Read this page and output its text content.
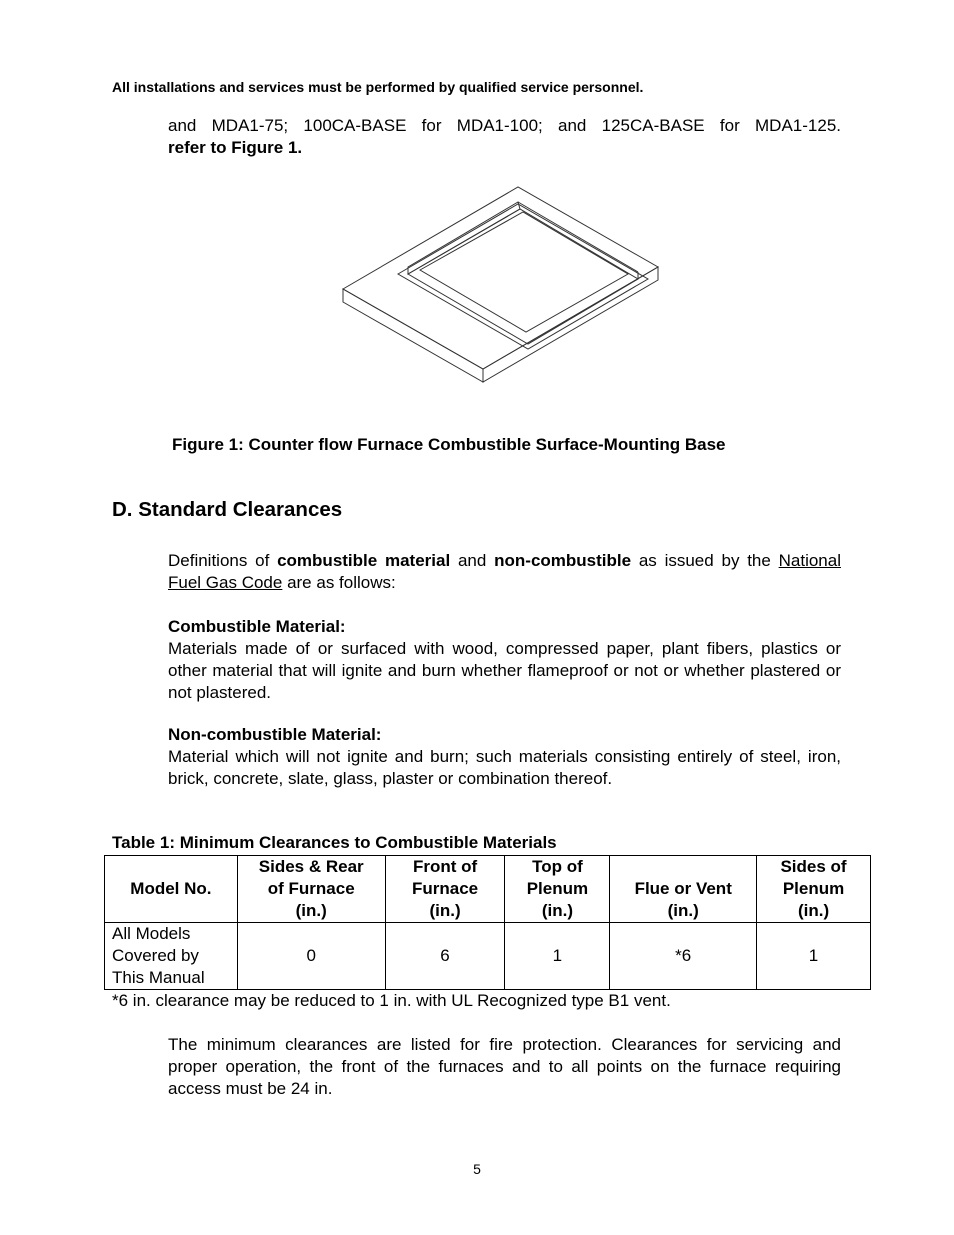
All installations and services must be performed by qualified service personnel.

and MDA1-75; 100CA-BASE for MDA1-100; and 125CA-BASE for MDA1-125.

refer to Figure 1.

Figure 1: Counter flow Furnace Combustible Surface-Mounting Base
D. Standard Clearances

Definitions of combustible material and non-combustible as issued by the National Fuel Gas Code are as follows:

Combustible Material:

Materials made of or surfaced with wood, compressed paper, plant fibers, plastics or other material that will ignite and burn whether flameproof or not or whether plastered or not plastered.

Non-combustible Material:

Material which will not ignite and burn; such materials consisting entirely of steel, iron, brick, concrete, slate, glass, plaster or combination thereof.

Table 1: Minimum Clearances to Combustible Materials
Model No.	Sides & Rear
of Furnace
(in.)	Front of
Furnace
(in.)	Top of
Plenum
(in.)	Flue or Vent
(in.)	Sides of
Plenum
(in.)
All Models
Covered by
This Manual	0	6	1	*6	1
*6 in. clearance may be reduced to 1 in. with UL Recognized type B1 vent.

The minimum clearances are listed for fire protection. Clearances for servicing and proper operation, the front of the furnaces and to all points on the furnace requiring access must be 24 in.

5
